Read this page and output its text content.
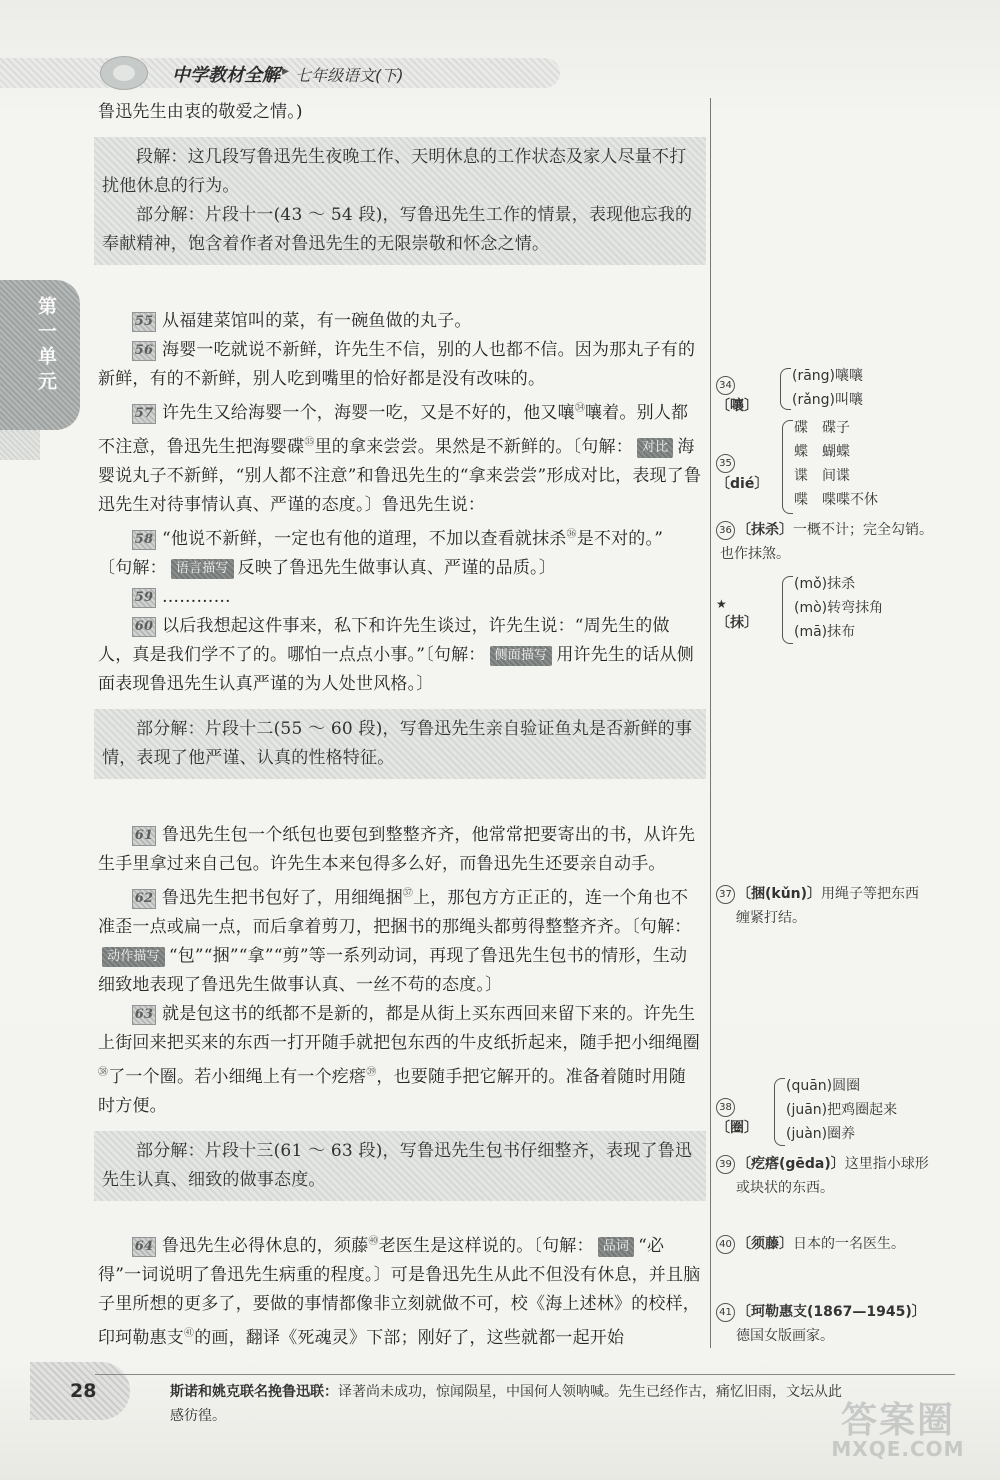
中学教材全解 ▸ 七年级语文(下)
第一单元

鲁迅先生由衷的敬爱之情。)

段解：这几段写鲁迅先生夜晚工作、天明休息的工作状态及家人尽量不打扰他休息的行为。

部分解：片段十一(43 ～ 54 段)，写鲁迅先生工作的情景，表现他忘我的奉献精神，饱含着作者对鲁迅先生的无限崇敬和怀念之情。

55 从福建菜馆叫的菜，有一碗鱼做的丸子。

56 海婴一吃就说不新鲜，许先生不信，别的人也都不信。因为那丸子有的新鲜，有的不新鲜，别人吃到嘴里的恰好都是没有改味的。

57 许先生又给海婴一个，海婴一吃，又是不好的，他又嚷$^㉞$嚷着。别人都不注意，鲁迅先生把海婴碟$^㉟$里的拿来尝尝。果然是不新鲜的。〔句解： 对比 海婴说丸子不新鲜，“别人都不注意”和鲁迅先生的“拿来尝尝”形成对比，表现了鲁迅先生对待事情认真、严谨的态度。〕鲁迅先生说：

58 “他说不新鲜，一定也有他的道理，不加以查看就抹杀$^㊱$是不对的。”

〔句解： 语言描写 反映了鲁迅先生做事认真、严谨的品质。〕

59 …………

60 以后我想起这件事来，私下和许先生谈过，许先生说：“周先生的做人，真是我们学不了的。哪怕一点点小事。”〔句解： 侧面描写 用许先生的话从侧面表现鲁迅先生认真严谨的为人处世风格。〕

部分解：片段十二(55 ～ 60 段)，写鲁迅先生亲自验证鱼丸是否新鲜的事情，表现了他严谨、认真的性格特征。

61 鲁迅先生包一个纸包也要包到整整齐齐，他常常把要寄出的书，从许先生手里拿过来自己包。许先生本来包得多么好，而鲁迅先生还要亲自动手。

62 鲁迅先生把书包好了，用细绳捆$^㊲$上，那包方方正正的，连一个角也不准歪一点或扁一点，而后拿着剪刀，把捆书的那绳头都剪得整整齐齐。〔句解：动作描写 “包”“捆”“拿”“剪”等一系列动词，再现了鲁迅先生包书的情形，生动细致地表现了鲁迅先生做事认真、一丝不苟的态度。〕

63 就是包这书的纸都不是新的，都是从街上买东西回来留下来的。许先生上街回来把买来的东西一打开随手就把包东西的牛皮纸折起来，随手把小细绳圈$^㊳$了一个圈。若小细绳上有一个疙瘩$^㊴$，也要随手把它解开的。准备着随时用随时方便。

部分解：片段十三(61 ～ 63 段)，写鲁迅先生包书仔细整齐，表现了鲁迅先生认真、细致的做事态度。

64 鲁迅先生必得休息的，须藤$^㊵$老医生是这样说的。〔句解： 品词 “必得”一词说明了鲁迅先生病重的程度。〕可是鲁迅先生从此不但没有休息，并且脑子里所想的更多了，要做的事情都像非立刻就做不可，校《海上述林》的校样，印珂勒惠支$^㊶$的画，翻译《死魂灵》下部；刚好了，这些就都一起开始

34〔嚷〕
(rāng)嚷嚷
(rǎng)叫嚷
35〔dié〕
碟　碟子
蝶　蝴蝶
谍　间谍
喋　喋喋不休
36 〔抹杀〕一概不计；完全勾销。
也作抹煞。
★〔抹〕
(mǒ)抹杀
(mò)转弯抹角
(mā)抹布
37 〔捆(kǔn)〕用绳子等把东西
缠紧打结。
38〔圈〕
(quān)圆圈
(juān)把鸡圈起来
(juàn)圈养
39 〔疙瘩(gēda)〕这里指小球形
或块状的东西。
40 〔须藤〕日本的一名医生。
41 〔珂勒惠支(1867—1945)〕
德国女版画家。
28	斯诺和姚克联名挽鲁迅联：译著尚未成功，惊闻陨星，中国何人领呐喊。先生已经作古，痛忆旧雨，文坛从此
感彷徨。	答案圈
MXQE.COM
